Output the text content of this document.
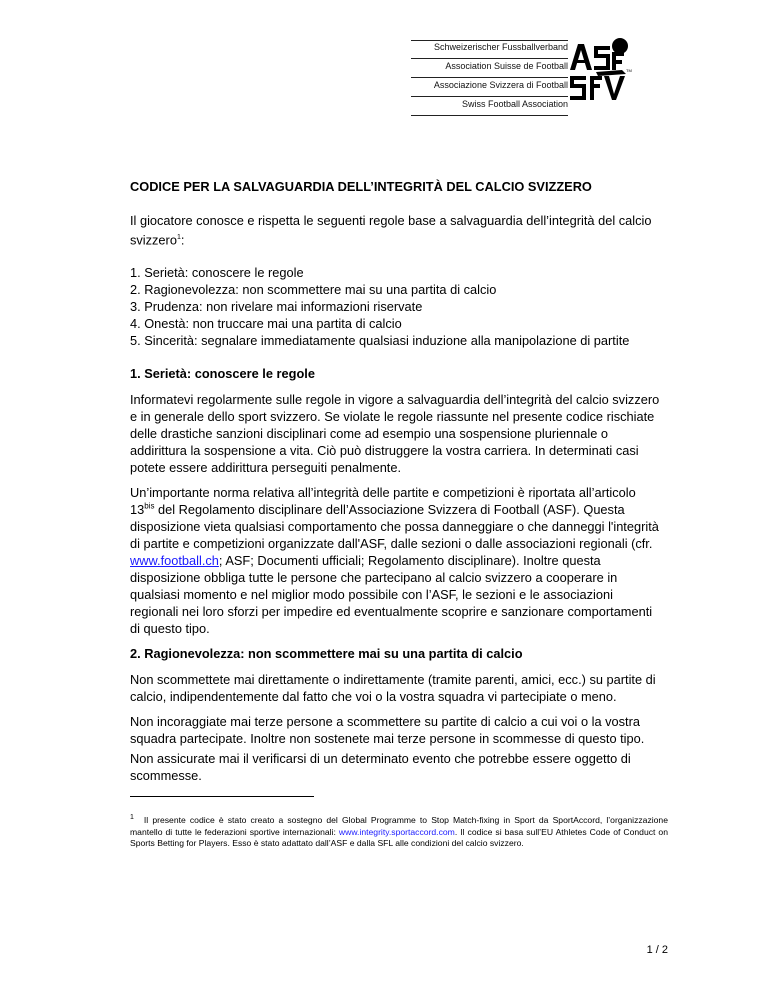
Schweizerischer Fussballverband
Association Suisse de Football
Associazione Svizzera di Football
Swiss Football Association
TM
CODICE PER LA SALVAGUARDIA DELL’INTEGRITÀ DEL CALCIO SVIZZERO

Il giocatore conosce e rispetta le seguenti regole base a salvaguardia dell’integrità del calcio svizzero$^1$:

1. Serietà: conoscere le regole
2. Ragionevolezza: non scommettere mai su una partita di calcio
3. Prudenza: non rivelare mai informazioni riservate
4. Onestà: non truccare mai una partita di calcio
5. Sincerità: segnalare immediatamente qualsiasi induzione alla manipolazione di partite
1. Serietà: conoscere le regole

Informatevi regolarmente sulle regole in vigore a salvaguardia dell’integrità del calcio svizzero e in generale dello sport svizzero. Se violate le regole riassunte nel presente codice rischiate delle drastiche sanzioni disciplinari come ad esempio una sospensione pluriennale o addirittura la sospensione a vita. Ciò può distruggere la vostra carriera. In determinati casi potete essere addirittura perseguiti penalmente.

Un’importante norma relativa all’integrità delle partite e competizioni è riportata all’articolo $13^{bis}$ del Regolamento disciplinare dell’Associazione Svizzera di Football (ASF). Questa disposizione vieta qualsiasi comportamento che possa danneggiare o che danneggi l'integrità di partite e competizioni organizzate dall'ASF, dalle sezioni o dalle associazioni regionali (cfr. www.football.ch; ASF; Documenti ufficiali; Regolamento disciplinare). Inoltre questa disposizione obbliga tutte le persone che partecipano al calcio svizzero a cooperare in qualsiasi momento e nel miglior modo possibile con l’ASF, le sezioni e le associazioni regionali nei loro sforzi per impedire ed eventualmente scoprire e sanzionare comportamenti di questo tipo.

2. Ragionevolezza: non scommettere mai su una partita di calcio

Non scommettete mai direttamente o indirettamente (tramite parenti, amici, ecc.) su partite di calcio, indipendentemente dal fatto che voi o la vostra squadra vi partecipiate o meno.

Non incoraggiate mai terze persone a scommettere su partite di calcio a cui voi o la vostra squadra partecipate. Inoltre non sostenete mai terze persone in scommesse di questo tipo.

Non assicurate mai il verificarsi di un determinato evento che potrebbe essere oggetto di scommesse.

$^1$ Il presente codice è stato creato a sostegno del Global Programme to Stop Match-fixing in Sport da SportAccord, l’organizzazione mantello di tutte le federazioni sportive internazionali: www.integrity.sportaccord.com. Il codice si basa sull’EU Athletes Code of Conduct on Sports Betting for Players. Esso è stato adattato dall’ASF e dalla SFL alle condizioni del calcio svizzero.
1 / 2
